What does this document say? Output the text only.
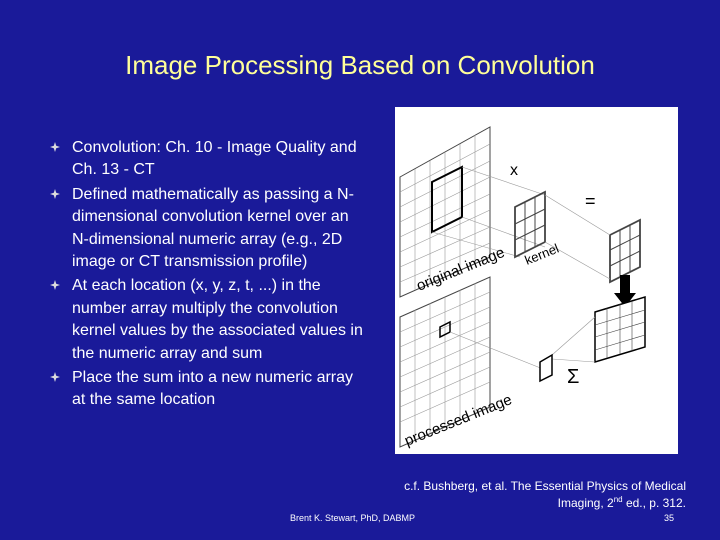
Image Processing Based on Convolution
Convolution: Ch. 10 - Image Quality and Ch. 13 - CT
Defined mathematically as passing a N-dimensional convolution kernel over an N-dimensional numeric array (e.g., 2D image or CT transmission profile)
At each location (x, y, z, t, ...) in the number array multiply the convolution kernel values by the associated values in the numeric array and sum
Place the sum into a new numeric array at the same location
x
=
Σ
original image kernel
processed image
c.f. Bushberg, et al. The Essential Physics of Medical
Imaging, 2nd ed., p. 312.
Brent K. Stewart, PhD, DABMP	35
